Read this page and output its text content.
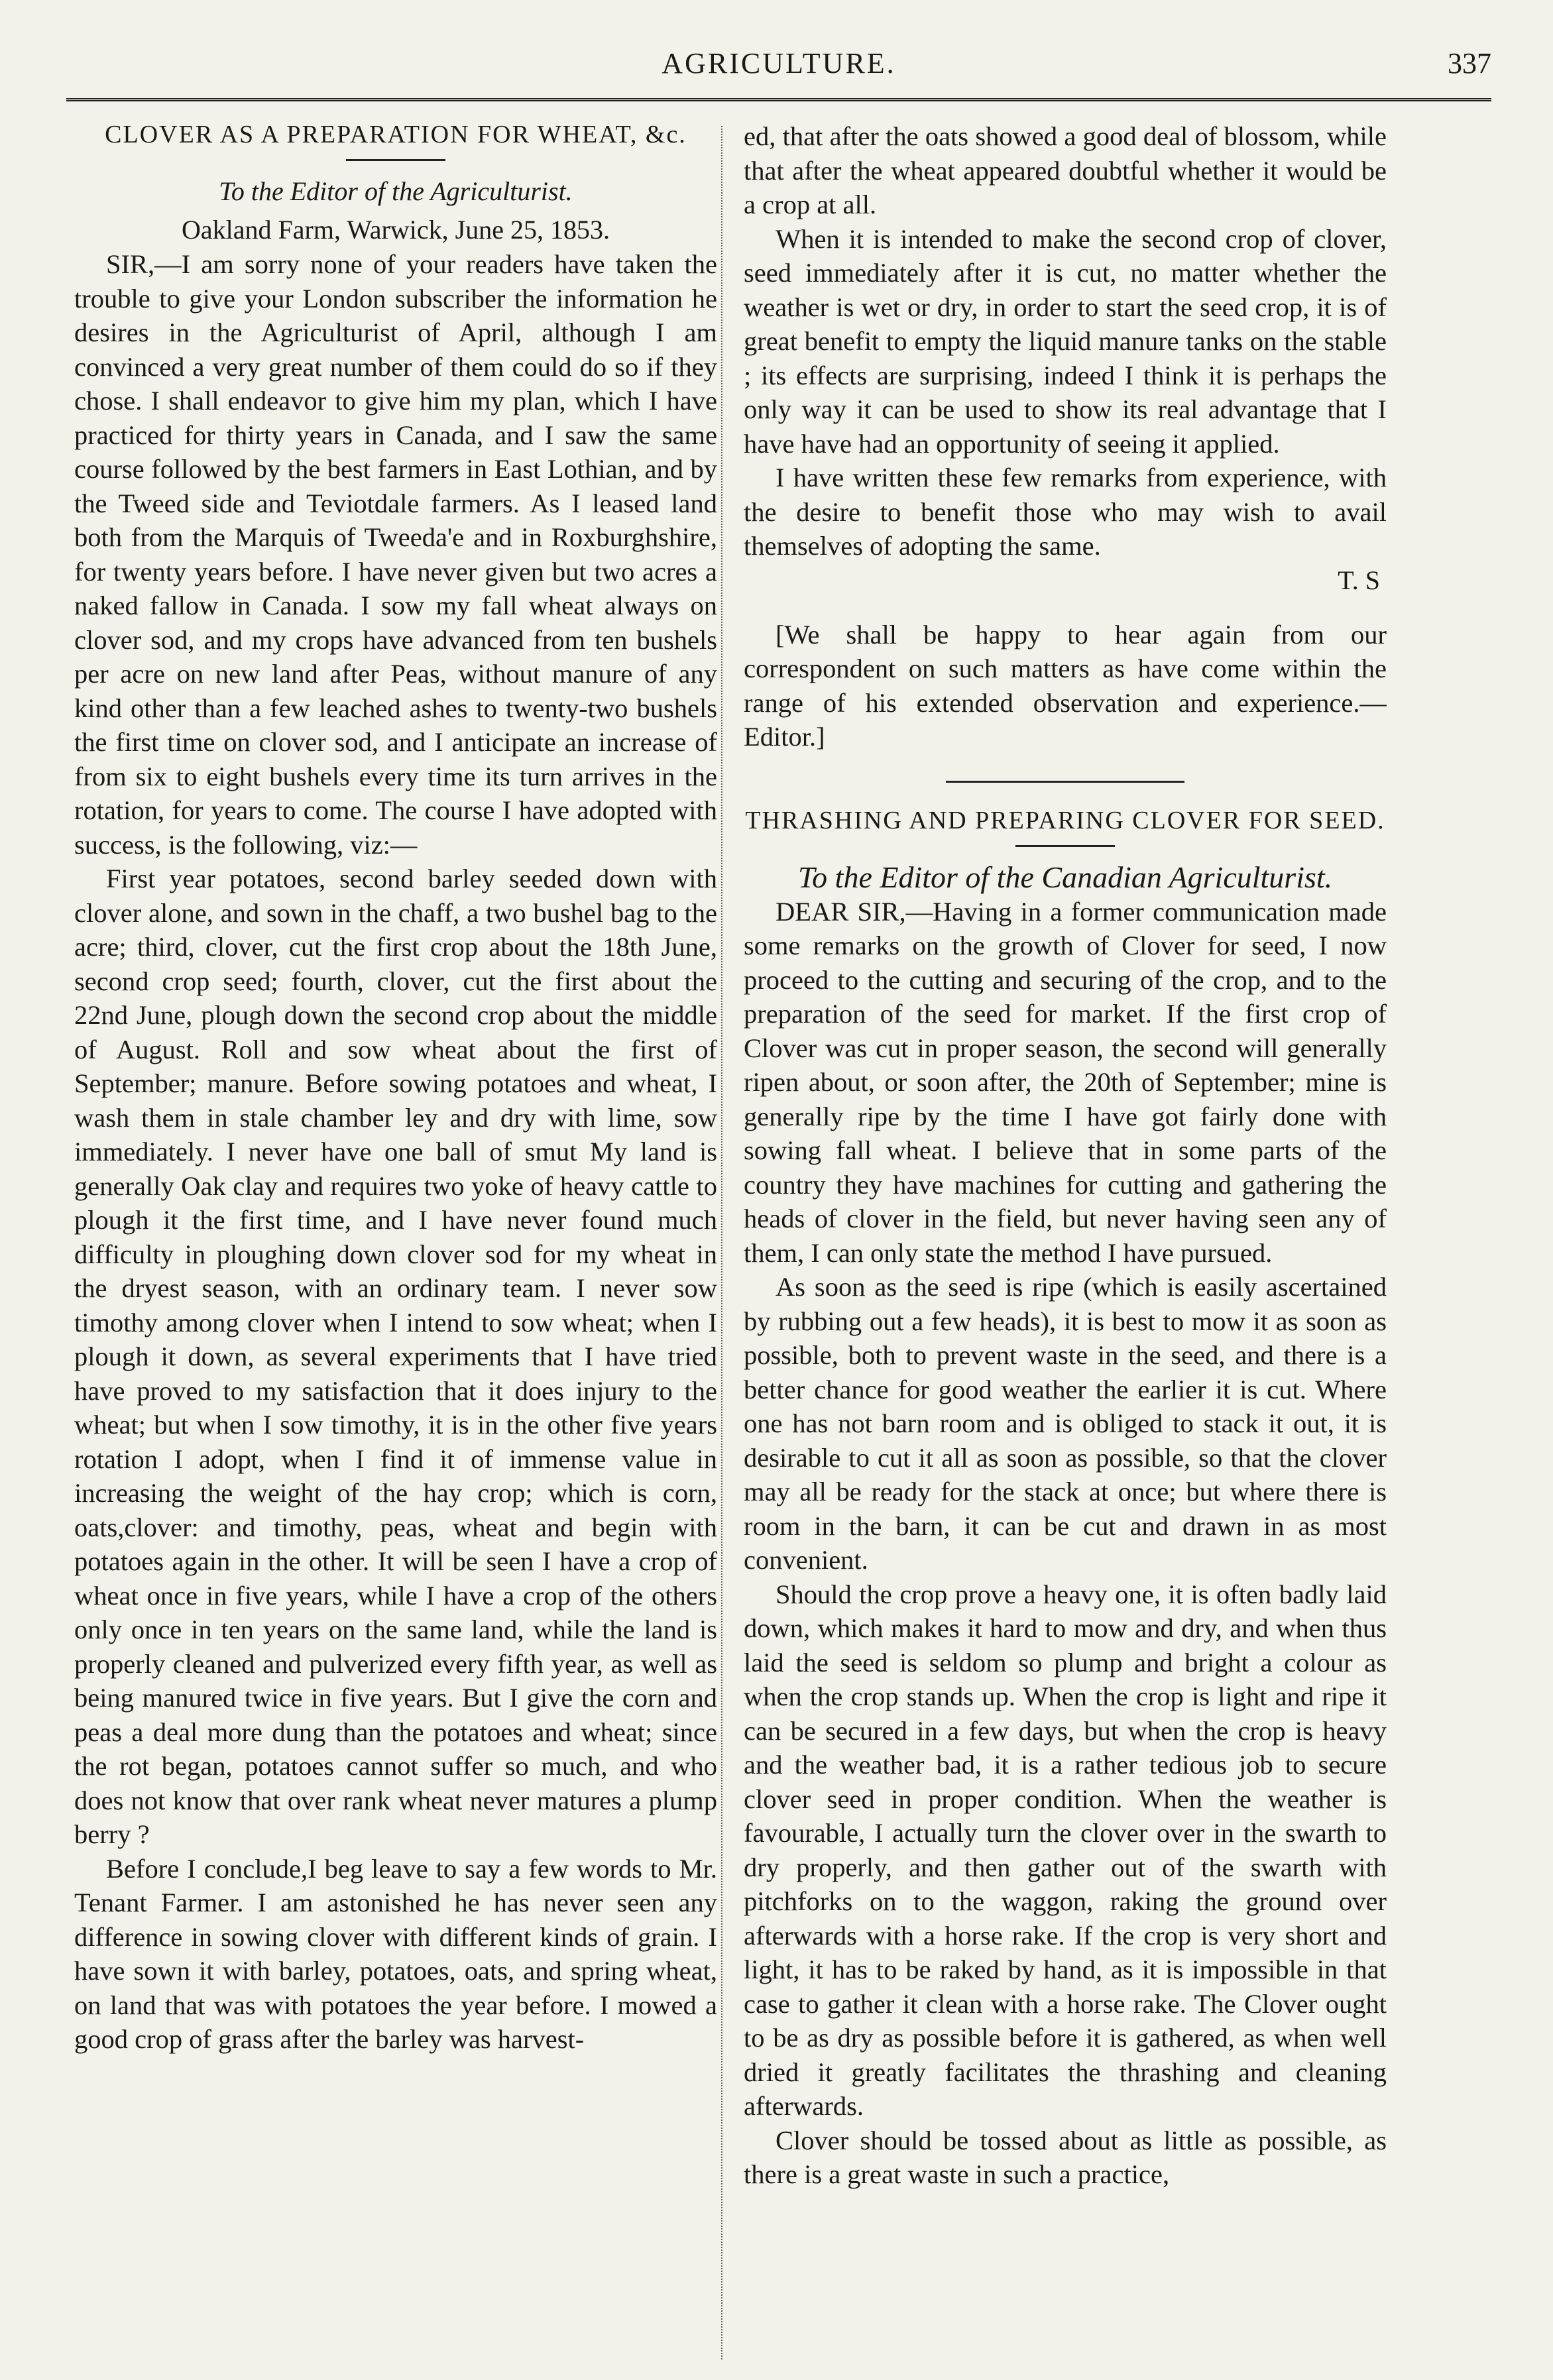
AGRICULTURE.	337
CLOVER AS A PREPARATION FOR WHEAT, &c.
To the Editor of the Agriculturist.
Oakland Farm, Warwick, June 25, 1853.

SIR,—I am sorry none of your readers have taken the trouble to give your London subscriber the information he desires in the Agriculturist of April, although I am convinced a very great number of them could do so if they chose. I shall endeavor to give him my plan, which I have practiced for thirty years in Canada, and I saw the same course followed by the best farmers in East Lothian, and by the Tweed side and Teviotdale farmers. As I leased land both from the Marquis of Tweeda'e and in Roxburghshire, for twenty years before. I have never given but two acres a naked fallow in Canada. I sow my fall wheat always on clover sod, and my crops have advanced from ten bushels per acre on new land after Peas, without manure of any kind other than a few leached ashes to twenty-two bushels the first time on clover sod, and I anticipate an increase of from six to eight bushels every time its turn arrives in the rotation, for years to come. The course I have adopted with success, is the following, viz:—

First year potatoes, second barley seeded down with clover alone, and sown in the chaff, a two bushel bag to the acre; third, clover, cut the first crop about the 18th June, second crop seed; fourth, clover, cut the first about the 22nd June, plough down the second crop about the middle of August. Roll and sow wheat about the first of September; manure. Before sowing potatoes and wheat, I wash them in stale chamber ley and dry with lime, sow immediately. I never have one ball of smut My land is generally Oak clay and requires two yoke of heavy cattle to plough it the first time, and I have never found much difficulty in ploughing down clover sod for my wheat in the dryest season, with an ordinary team. I never sow timothy among clover when I intend to sow wheat; when I plough it down, as several experiments that I have tried have proved to my satisfaction that it does injury to the wheat; but when I sow timothy, it is in the other five years rotation I adopt, when I find it of immense value in increasing the weight of the hay crop; which is corn, oats,clover: and timothy, peas, wheat and begin with potatoes again in the other. It will be seen I have a crop of wheat once in five years, while I have a crop of the others only once in ten years on the same land, while the land is properly cleaned and pulverized every fifth year, as well as being manured twice in five years. But I give the corn and peas a deal more dung than the potatoes and wheat; since the rot began, potatoes cannot suffer so much, and who does not know that over rank wheat never matures a plump berry ?

Before I conclude,I beg leave to say a few words to Mr. Tenant Farmer. I am astonished he has never seen any difference in sowing clover with different kinds of grain. I have sown it with barley, potatoes, oats, and spring wheat, on land that was with potatoes the year before. I mowed a good crop of grass after the barley was harvest-

ed, that after the oats showed a good deal of blossom, while that after the wheat appeared doubtful whether it would be a crop at all.

When it is intended to make the second crop of clover, seed immediately after it is cut, no matter whether the weather is wet or dry, in order to start the seed crop, it is of great benefit to empty the liquid manure tanks on the stable ; its effects are surprising, indeed I think it is perhaps the only way it can be used to show its real advantage that I have have had an opportunity of seeing it applied.

I have written these few remarks from experience, with the desire to benefit those who may wish to avail themselves of adopting the same.

T. S

[We shall be happy to hear again from our correspondent on such matters as have come within the range of his extended observation and experience.—Editor.]

THRASHING AND PREPARING CLOVER FOR SEED.
To the Editor of the Canadian Agriculturist.

DEAR SIR,—Having in a former communication made some remarks on the growth of Clover for seed, I now proceed to the cutting and securing of the crop, and to the preparation of the seed for market. If the first crop of Clover was cut in proper season, the second will generally ripen about, or soon after, the 20th of September; mine is generally ripe by the time I have got fairly done with sowing fall wheat. I believe that in some parts of the country they have machines for cutting and gathering the heads of clover in the field, but never having seen any of them, I can only state the method I have pursued.

As soon as the seed is ripe (which is easily ascertained by rubbing out a few heads), it is best to mow it as soon as possible, both to prevent waste in the seed, and there is a better chance for good weather the earlier it is cut. Where one has not barn room and is obliged to stack it out, it is desirable to cut it all as soon as possible, so that the clover may all be ready for the stack at once; but where there is room in the barn, it can be cut and drawn in as most convenient.

Should the crop prove a heavy one, it is often badly laid down, which makes it hard to mow and dry, and when thus laid the seed is seldom so plump and bright a colour as when the crop stands up. When the crop is light and ripe it can be secured in a few days, but when the crop is heavy and the weather bad, it is a rather tedious job to secure clover seed in proper condition. When the weather is favourable, I actually turn the clover over in the swarth to dry properly, and then gather out of the swarth with pitchforks on to the waggon, raking the ground over afterwards with a horse rake. If the crop is very short and light, it has to be raked by hand, as it is impossible in that case to gather it clean with a horse rake. The Clover ought to be as dry as possible before it is gathered, as when well dried it greatly facilitates the thrashing and cleaning afterwards.

Clover should be tossed about as little as possible, as there is a great waste in such a practice,
